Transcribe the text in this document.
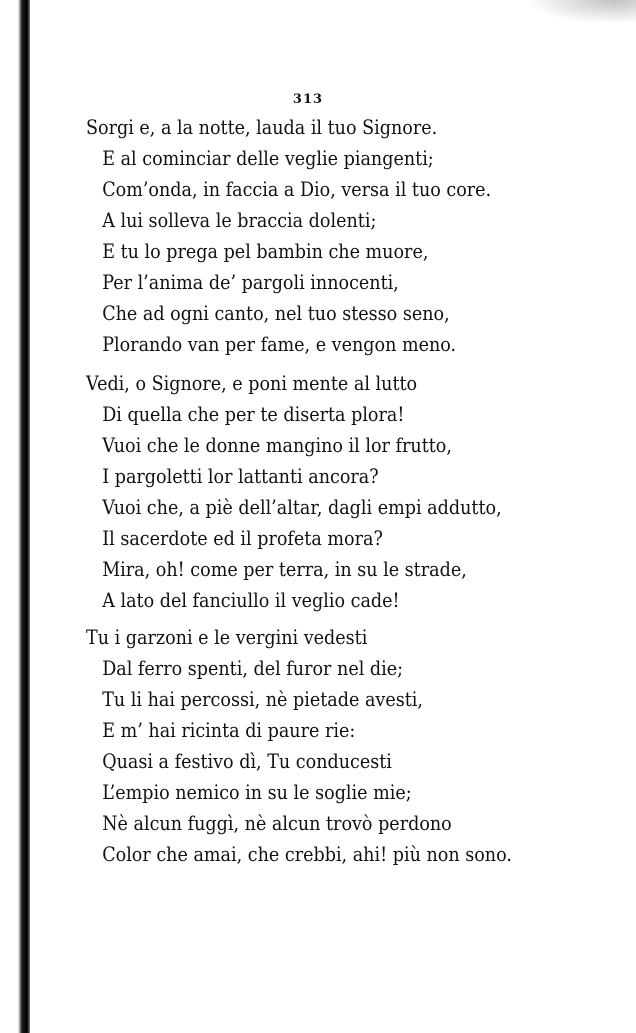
313
Sorgi e, a la notte, lauda il tuo Signore.
E al cominciar delle veglie piangenti;
Com’onda, in faccia a Dio, versa il tuo core.
A lui solleva le braccia dolenti;
E tu lo prega pel bambin che muore,
Per l’anima de’ pargoli innocenti,
Che ad ogni canto, nel tuo stesso seno,
Plorando van per fame, e vengon meno.
Vedi, o Signore, e poni mente al lutto
Di quella che per te diserta plora!
Vuoi che le donne mangino il lor frutto,
I pargoletti lor lattanti ancora?
Vuoi che, a piè dell’altar, dagli empi addutto,
Il sacerdote ed il profeta mora?
Mira, oh! come per terra, in su le strade,
A lato del fanciullo il veglio cade!
Tu i garzoni e le vergini vedesti
Dal ferro spenti, del furor nel die;
Tu li hai percossi, nè pietade avesti,
E m’ hai ricinta di paure rie:
Quasi a festivo dì, Tu conducesti
L’empio nemico in su le soglie mie;
Nè alcun fuggì, nè alcun trovò perdono
Color che amai, che crebbi, ahi! più non sono.
